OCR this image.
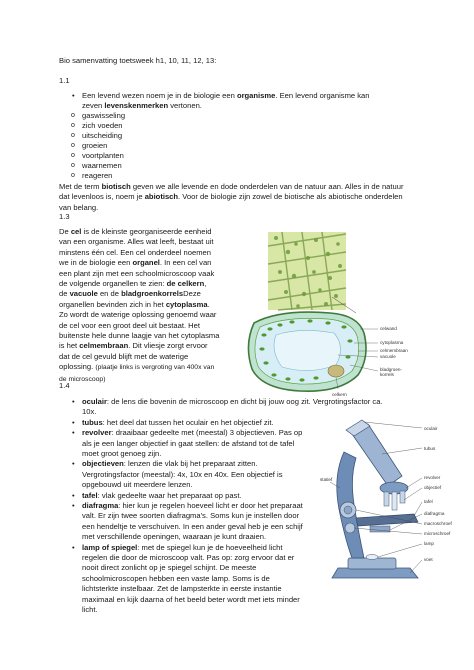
Bio samenvatting toetsweek h1, 10, 11, 12, 13:
1.1
• Een levend wezen noem je in de biologie een organisme. Een levend organisme kan
zeven levenskenmerken vertonen.
o gaswisseling
o zich voeden
o uitscheiding
o groeien
o voortplanten
o waarnemen
o reageren
Met de term biotisch geven we alle levende en dode onderdelen van de natuur aan. Alles in de natuur
dat levenloos is, noem je abiotisch. Voor de biologie zijn zowel de biotische als abiotische onderdelen
van belang.
1.3
De cel is de kleinste georganiseerde eenheid
van een organisme. Alles wat leeft, bestaat uit
minstens één cel. Een cel onderdeel noemen
we in de biologie een organel. In een cel van
een plant zijn met een schoolmicroscoop vaak
de volgende organellen te zien: de celkern,
de vacuole en de bladgroenkorrelsDeze
organellen bevinden zich in het cytoplasma.
Zo wordt de waterige oplossing genoemd waar
de cel voor een groot deel uit bestaat. Het
buitenste hele dunne laagje van het cytoplasma
is het celmembraan. Dit vliesje zorgt ervoor
dat de cel gevuld blijft met de waterige
oplossing. (plaatje links is vergroting van 400x van
de microscoop)
celwand
cytoplasma
celmembraan
vacuole
bladgroen-
korrels
celkern
1.4
• oculair: de lens die bovenin de microscoop en dicht bij jouw oog zit. Vergrotingsfactor ca.
10x.
• tubus: het deel dat tussen het oculair en het objectief zit.
• revolver: draaibaar gedeelte met (meestal) 3 objectieven. Pas op
als je een langer objectief in gaat stellen: de afstand tot de tafel
moet groot genoeg zijn.
• objectieven: lenzen die vlak bij het preparaat zitten.
Vergrotingsfactor (meestal): 4x, 10x en 40x. Een objectief is
opgebouwd uit meerdere lenzen.
• tafel: vlak gedeelte waar het preparaat op past.
• diafragma: hier kun je regelen hoeveel licht er door het preparaat
valt. Er zijn twee soorten diafragma's. Soms kun je instellen door
een hendeltje te verschuiven. In een ander geval heb je een schijf
met verschillende openingen, waaraan je kunt draaien.
• lamp of spiegel: met de spiegel kun je de hoeveelheid licht
regelen die door de microscoop valt. Pas op: zorg ervoor dat er
nooit direct zonlicht op je spiegel schijnt. De meeste
schoolmicroscopen hebben een vaste lamp. Soms is de
lichtsterkte instelbaar. Zet de lampsterkte in eerste instantie
maximaal en kijk daarna of het beeld beter wordt met iets minder
licht.
oculair
tubus
statief	revolver
objectief
tafel
diafragma
macroschroef
microschroef
lamp
voet
